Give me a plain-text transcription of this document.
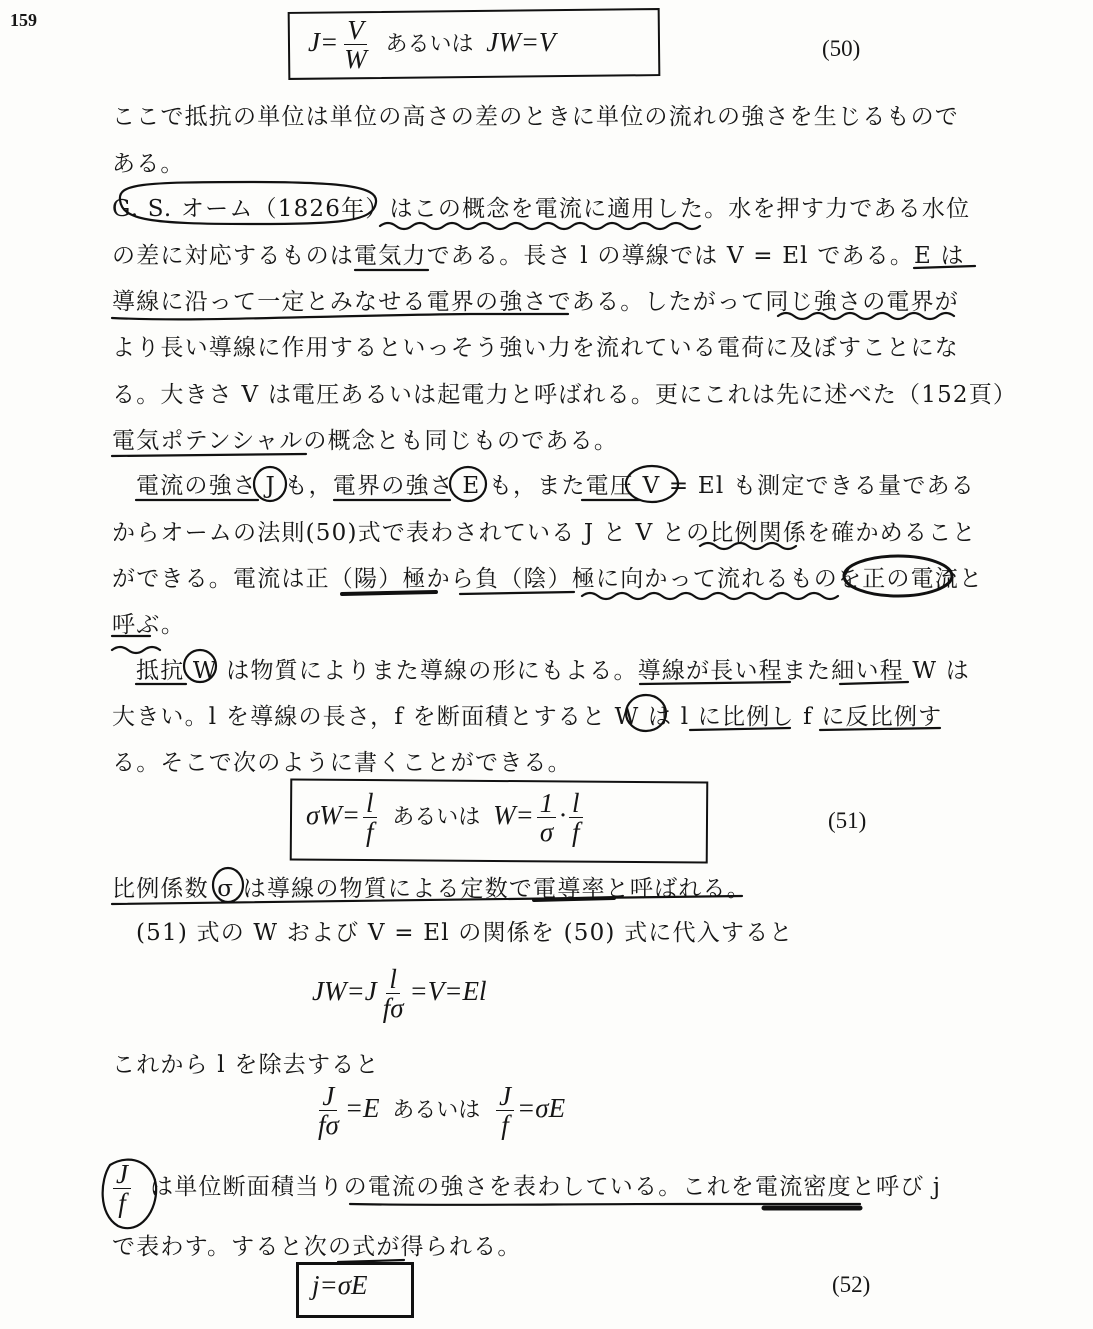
159
$J= \frac{V}{W}$ あるいは JW=V	(50)
ここで抵抗の単位は単位の高さの差のときに単位の流れの強さを生じるもので
ある。
G. S. オーム（1826年）はこの概念を電流に適用した。水を押す力である水位
の差に対応するものは電気力である。長さ l の導線では V = El である。E は
導線に沿って一定とみなせる電界の強さである。したがって同じ強さの電界が
より長い導線に作用するといっそう強い力を流れている電荷に及ぼすことにな
る。大きさ V は電圧あるいは起電力と呼ばれる。更にこれは先に述べた（152頁）
電気ポテンシャルの概念とも同じものである。
電流の強さ J も，電界の強さ E も，また電圧 V = El も測定できる量である
からオームの法則(50)式で表わされている J と V との比例関係を確かめること
ができる。電流は正（陽）極から負（陰）極に向かって流れるものを正の電流と
呼ぶ。
抵抗 W は物質によりまた導線の形にもよる。導線が長い程また細い程 W は
大きい。l を導線の長さ，f を断面積とすると W は l に比例し f に反比例す
る。そこで次のように書くことができる。
$\sigma W= \frac{l}{f}$ あるいは $W= \frac{1}{\sigma} \cdot \frac{l}{f}$	(51)
比例係数 σ は導線の物質による定数で電導率と呼ばれる。
(51) 式の W および V = El の関係を (50) 式に代入すると
$JW=J \frac{l}{f\sigma} =V=El$
これから l を除去すると
$\frac{J}{f\sigma} =E$ あるいは $\frac{J}{f} =\sigma E$
$\frac{J}{f}$ は単位断面積当りの電流の強さを表わしている。これを電流密度と呼び j
で表わす。すると次の式が得られる。
j=σE	(52)
